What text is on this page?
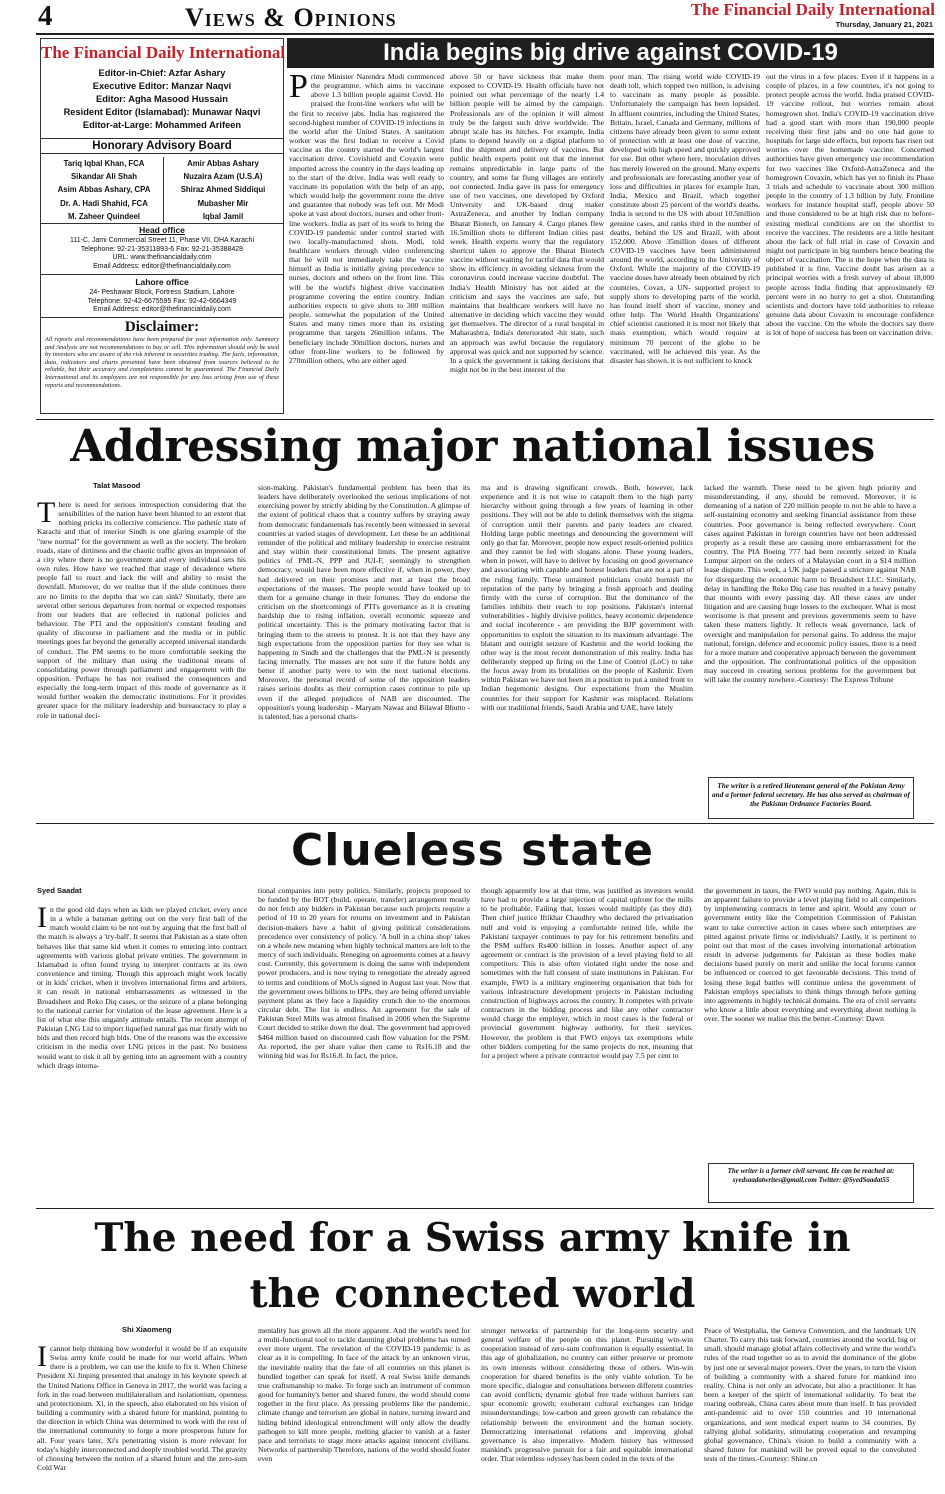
4	Views & Opinions	The Financial Daily International
Thursday, January 21, 2021
The Financial Daily International
Editor-in-Chief: Azfar Ashary
Executive Editor: Manzar Naqvi
Editor: Agha Masood Hussain
Resident Editor (Islamabad): Munawar Naqvi
Editor-at-Large: Mohammed Arifeen
Honorary Advisory Board
Tariq Iqbal Khan, FCA
Sikandar Ali Shah
Asim Abbas Ashary, CPA
Dr. A. Hadi Shahid, FCA
M. Zaheer Quindeel
Amir Abbas Ashary
Nuzaira Azam (U.S.A)
Shiraz Ahmed Siddiqui
Mubasher Mir
Iqbal Jamil
Head office
111-C, Jami Commercial Street 11, Phase VII, DHA Karachi
Telephone: 92-21-35311893-6 Fax: 92-21-35388428
URL: www.thefinancialdaily.com
Email Address: editor@thefinancialdaily.com
Lahore office
24- Peshawar Block, Fortress Stadium, Lahore
Telephone: 92-42-6675595 Fax: 92-42-6664349
Email Address: editor@thefinancialdaily.com
Disclaimer:
All reports and recommendations have been prepared for your information only. Summary and Analysis are not recommendations to buy or sell. This information should only be used by investors who are aware of the risk inherent in securities trading. The facts, information, data, indicators and charts presented have been obtained from sources believed to be reliable, but their accuracy and completeness cannot be guaranteed. The Financial Daily International and its employees are not responsible for any loss arising from use of these reports and recommendations.
India begins big drive against COVID-19
Prime Minister Narendra Modi commenced the programme, which aims to vaccinate above 1.3 billion people against Covid. He praised the front-line workers who will be the first to receive jabs. India has registered the second-highest number of COVID-19 infections in the world after the United States. A sanitation worker was the first Indian to receive a Covid vaccine as the country started the world's largest vaccination drive. Covishield and Covaxin were imported across the country in the days leading up to the start of the drive. India was well ready to vaccinate its population with the help of an app, which would help the government route the drive and guarantee that nobody was left out. Mr Modi spoke at vast about doctors, nurses and other front-line workers. India as part of its work to bring the COVID-19 pandemic under control started with two locally-manufactured shots. Modi, told healthcare workers through video conferencing that he will not immediately take the vaccine himself as India is initially giving precedence to nurses, doctors and others on the front line. This will be the world's highest drive vaccination programme covering the entire country. Indian authorities expects to give shots to 300 million people, somewhat the population of the United States and many times more than its existing programme that targets 26million infants. The beneficiary include 30million doctors, nurses and other front-line workers to be followed by 270million others, who are either aged
above 50 or have sickness that make them exposed to COVID-19. Health officials have not pointed out what percentage of the nearly 1.4 billion people will be aimed by the campaign. Professionals are of the opinion it will almost truly be the largest such drive worldwide. The abrupt scale has its hitches. For example, India plans to depend heavily on a digital platform to find the shipment and delivery of vaccines. But public health experts point out that the internet remains unpredictable in large parts of the country, and some far flung villages are entirely not connected. India gave its pass for emergency use of two vaccines, one developed by Oxford University and UK-based drug maker AstraZeneca, and another by Indian company Bharat Biotech, on January 4. Cargo planes flew 16.5million shots to different Indian cities past week. Health experts worry that the regulatory shortcut taken to approve the Bharat Biotech vaccine without waiting for tactful data that would show its efficiency in avoiding sickness from the coronavirus could increase vaccine doubtful. The India's Health Ministry has not aided at the criticism and says the vaccines are safe, but maintains that healthcare workers will have no alternative in deciding which vaccine they would get themselves. The director of a rural hospital in Maharashtra, India's deteriorated -hit state, such an approach was awful because the regulatory approval was quick and not supported by science. In a quick the government is taking decisions that might not be in the best interest of the
poor man. The rising world wide COVID-19 death toll, which topped two million, is advising to vaccinate as many people as possible. Unfortunately the campaign has been lopsided. In affluent countries, including the United States, Britain, Israel, Canada and Germany, millions of citizens have already been given to some extent of protection with at least one dose of vaccine, developed with high speed and quickly approved for use. But other where here, inoculation drives has merely lowered on the ground. Many experts and professionals are forecasting another year of loss and difficulties in places for example Iran, India, Mexico and Brazil, which together constitute about 25 percent of the world's deaths. India is second to the US with about 10.5million genuine cases, and ranks third in the number of deaths, behind the US and Brazil, with about 152,000. Above 35million doses of different COVID-19 vaccines have been administered around the world, according to the University of Oxford. While the majority of the COVID-19 vaccine doses have already been obtained by rich countries, Covax, a UN- supported project to supply shots to developing parts of the world, has found itself short of vaccine, money and other help. The World Health Organizations' chief scientist cautioned it is most not likely that mass exemption, which would require at minimum 70 percent of the globe to be vaccinated, will be achieved this year. As the disaster has shown, it is not sufficient to knock
out the virus in a few places. Even if it happens in a couple of places, in a few countries, it's not going to protect people across the world. India praised COVID-19 vaccine rollout, but worries remain about homegrown shot. India's COVID-19 vaccination drive had a good start with more than 190,000 people receiving their first jabs and no one had gone to hospitals for large side effects, but reports has risen out worries over the homemade vaccine. Concerned authorities have given emergency use recommendation for two vaccines like Oxford-AstraZeneca and the homegrown Covaxin, which has yet to finish its Phase 3 trials and schedule to vaccinate about 300 million people in the country of 1.3 billion by July. Frontline workers for instance hospital staff, people above 50 and those considered to be at high risk due to before-existing medical conditions are on the shortlist to receive the vaccines. The residents are a little hesitant about the lack of full trial in case of Covaxin and might not participate in big numbers hence beating the object of vaccination. The is the hope when the data is published it is fine. Vaccine doubt has arisen as a principal worries with a fresh survey of about 18,000 people across India finding that approximately 69 percent were in no hurry to get a shot. Outstanding scientists and doctors have told authorities to release genuine data about Covaxin to encourage confidence about the vaccine. On the whole the doctors say there is lot of hope of success has been on vaccination drive.
Addressing major national issues
Talat Masood
There is need for serious introspection considering that the sensibilities of the nation have been blunted to an extent that nothing pricks its collective conscience. The pathetic state of Karachi and that of interior Sindh is one glaring example of the "new normal" for the government as well as the society. The broken roads, state of dirtiness and the chaotic traffic gives an impression of a city where there is no government and every individual sets his own rules. How have we reached that stage of decadence where people fail to react and lack the will and ability to resist the downfall. Moreover, do we realise that if the slide continues there are no limits to the depths that we can sink? Similarly, there are several other serious departures from normal or expected responses from our leaders that are reflected in national policies and behaviour. The PTI and the opposition's constant feuding and quality of discourse in parliament and the media or in public meetings goes far beyond the generally accepted universal standards of conduct. The PM seems to be more comfortable seeking the support of the military than using the traditional means of consolidating power through parliament and engagement with the opposition. Perhaps he has not realised the consequences and especially the long-term impact of this mode of governance as it would further weaken the democratic institutions. For it provides greater space for the military leadership and bureaucracy to play a role in national deci-
sion-making. Pakistan's fundamental problem has been that its leaders have deliberately overlooked the serious implications of not exercising power by strictly abiding by the Constitution. A glimpse of the extent of political chaos that a country suffers by straying away from democratic fundamentals has recently been witnessed in several countries at varied stages of development. Let these be an additional reminder of the political and military leadership to exercise restraint and stay within their constitutional limits. The present agitative politics of PML-N, PPP and JUI-F, seemingly to strengthen democracy, would have been more effective if, when in power, they had delivered on their promises and met at least the broad expectations of the masses. The people would have looked up to them for a genuine change in their fortunes. They do endorse the criticism on the shortcomings of PTI's governance as it is creating hardship due to rising inflation, overall economic squeeze and political uncertainty. This is the primary motivating factor that is bringing them to the streets to protest. It is not that they have any high expectations from the opposition parties for they see what is happening in Sindh and the challenges that the PML-N is presently facing internally. The masses are not sure if the future holds any better if another party were to win the next national elections. Moreover, the personal record of some of the opposition leaders raises serious doubts as their corruption cases continue to pile up even if the alleged prejudices of NAB are discounted. The opposition's young leadership - Maryam Nawaz and Bilawal Bhutto - is talented, has a personal charis-
ma and is drawing significant crowds. Both, however, lack experience and it is not wise to catapult them to the high party hierarchy without going through a few years of learning in other positions. They will not be able to delink themselves with the stigma of corruption until their parents and party leaders are cleared. Holding large public meetings and denouncing the government will only go that far. Moreover, people now expect result-oriented politics and they cannot be fed with slogans alone. These young leaders, when in power, will have to deliver by focusing on good governance and associating with capable and honest leaders that are not a part of the ruling family. These untainted politicians could burnish the reputation of the party by bringing a fresh approach and dealing firmly with the curse of corruption. But the dominance of the families inhibits their reach to top positions. Pakistan's internal vulnerabilities - highly divisive politics, heavy economic dependence and social incoherence - are providing the BJP government with opportunities to exploit the situation to its maximum advantage. The blatant and outright seizure of Kashmir and the world looking the other way is the most recent demonstration of this reality. India has deliberately stepped up firing on the Line of Control (LoC) to take the focus away from its brutalities on the people of Kashmir. Even within Pakistan we have not been in a position to put a united front to Indian hegemonic designs. Our expectations from the Muslim countries for their support for Kashmir was misplaced. Relations with our traditional friends, Saudi Arabia and UAE, have lately
lacked the warmth. These need to be given high priority and misunderstanding, if any, should be removed. Moreover, it is demeaning of a nation of 220 million people to not be able to have a self-sustaining economy and seeking financial assistance from these countries. Poor governance is being reflected everywhere. Court cases against Pakistan in foreign countries have not been addressed properly as a result these are causing more embarrassment for the country. The PIA Boeing 777 had been recently seized in Kuala Lumpur airport on the orders of a Malaysian court in a $14 million lease dispute. This week, a UK judge passed a stricture against NAB for disregarding the economic harm to Broadsheet LLC. Similarly, delay in handling the Reko Diq case has resulted in a heavy penalty that mounts with every passing day. All these cases are under litigation and are causing huge losses to the exchequer. What is most worrisome is that present and previous governments seem to have taken these matters lightly. It reflects weak governance, lack of oversight and manipulation for personal gains. To address the major national, foreign, defence and economic policy issues, there is a need for a more mature and cooperative approach between the government and the opposition. The confrontational politics of the opposition may succeed in creating serious problems for the government but will take the country nowhere.-Courtesy: The Express Tribune
The writer is a retired lieutenant general of the Pakistan Army and a former federal secretary. He has also served as chairman of the Pakistan Ordnance Factories Board.
Clueless state
Syed Saadat
In the good old days when as kids we played cricket, every once in a while a batsman getting out on the very first ball of the match would claim to be not out by arguing that the first ball of the match is always a 'try-ball'. It seems that Pakistan as a state often behaves like that same kid when it comes to entering into contract agreements with various global private entities. The government in Islamabad is often found trying to interpret contracts at its own convenience and timing. Though this approach might work locally or in kids' cricket, when it involves international firms and arbiters, it can result in national embarrassments as witnessed in the Broadsheet and Reko Diq cases, or the seizure of a plane belonging to the national carrier for violation of the lease agreement. Here is a list of what else this ungainly attitude entails. The recent attempt of Pakistan LNG Ltd to import liquefied natural gas mar firstly with no bids and then record high bids. One of the reasons was the excessive criticism in the media over LNG prices in the past. No business would want to risk it all by getting into an agreement with a country which drags interna-
tional companies into petty politics. Similarly, projects proposed to be funded by the BOT (build, operate, transfer) arrangement mostly do not fetch any bidders in Pakistan because such projects require a period of 10 to 20 years for returns on investment and in Pakistan decision-makers have a habit of giving political considerations precedence over consistency of policy. 'A bull in a china shop' takes on a whole new meaning when highly technical matters are left to the mercy of such individuals. Reneging on agreements comes at a heavy cost. Currently, this government is doing the same with independent power producers, and is now trying to renegotiate the already agreed to terms and conditions of MoUs signed in August last year. Now that the government owes billions to IPPs, they are being offered unviable payment plans as they face a liquidity crunch due to the enormous circular debt. The list is endless. An agreement for the sale of Pakistan Steel Mills was almost finalised in 2006 when the Supreme Court decided to strike down the deal. The government had approved $464 million based on discounted cash flow valuation for the PSM. As reported, the per share value then came to Rs16.18 and the winning bid was for Rs16.8. In fact, the price,
though apparently low at that time, was justified as investors would have had to provide a large injection of capital upfront for the mills to be profitable. Failing that, losses would multiply (as they did). Then chief justice Iftikhar Chaudhry who declared the privatisation null and void is enjoying a comfortable retired life, while the Pakistani taxpayer continues to pay for his retirement benefits and the PSM suffers Rs400 billion in losses. Another aspect of any agreement or contract is the provision of a level playing field to all competitors. This is also often violated right under the nose and sometimes with the full consent of state institutions in Pakistan. For example, FWO is a military engineering organisation that bids for various infrastructure development projects in Pakistan including construction of highways across the country. It competes with private contractors in the bidding process and like any other contractor would charge the employer, which in most cases is the federal or provincial government highway authority, for their services. However, the problem is that FWO enjoys tax exemptions while other bidders competing for the same projects do not, meaning that for a project where a private contractor would pay 7.5 per cent to
the government in taxes, the FWO would pay nothing. Again, this is an apparent failure to provide a level playing field to all competitors by implementing contracts in letter and spirit. Would any court or government entity like the Competition Commission of Pakistan want to take corrective action in cases where such enterprises are pitted against private firms or individuals? Lastly, it is pertinent to point out that most of the cases involving international arbitration result in adverse judgements for Pakistan as these bodies make decisions based purely on merit and unlike the local forums cannot be influenced or coerced to get favourable decisions. This trend of losing these legal battles will continue unless the government of Pakistan employs specialists to think things through before getting into agreements in highly technical domains. The era of civil servants who know a little about everything and everything about nothing is over. The sooner we realise this the better.-Courtesy: Dawn
The writer is a former civil servant. He can be reached at: syedsaadatwrites@gmail.com Twitter: @SyedSaadat55
The need for a Swiss army knife in
the connected world
Shi Xiaomeng
I cannot help thinking how wonderful it would be if an exquisite Swiss army knife could be made for our world affairs. When there is a problem, we can use the knife to fix it. When Chinese President Xi Jinping presented that analogy in his keynote speech at the United Nations Office in Geneva in 2017, the world was facing a fork in the road between multilateralism and isolationism, openness and protectionism. Xi, in the speech, also elaborated on his vision of building a community with a shared future for mankind, pointing to the direction in which China was determined to work with the rest of the international community to forge a more prosperous future for all. Four years later, Xi's penetrating vision is more relevant for today's highly interconnected and deeply troubled world. The gravity of choosing between the notion of a shared future and the zero-sum Cold War
mentality has grown all the more apparent. And the world's need for a multi-functional tool to tackle daunting global problems has turned ever more urgent. The revelation of the COVID-19 pandemic is as clear as it is compelling. In face of the attack by an unknown virus, the inevitable reality that the fate of all countries on this planet is bundled together can speak for itself. A real Swiss knife demands true craftsmanship to make. To forge such an instrument of common good for humanity's better and shared future, the world should come together in the first place. As pressing problems like the pandemic, climate change and terrorism are global in nature, turning inward and hiding behind ideological entrenchment will only allow the deadly pathogen to kill more people, melting glacier to vanish at a faster pace and terrorists to stage more attacks against innocent civilians. Networks of partnership Therefore, nations of the world should foster even
stronger networks of partnership for the long-term security and general welfare of the people on this planet. Pursuing win-win cooperation instead of zero-sum confrontation is equally essential. In this age of globalization, no country can either preserve or promote its own interests without considering those of others. Win-win cooperation for shared benefits is the only viable solution. To be more specific, dialogue and consultations between different countries can avoid conflicts; dynamic global free trade without barriers can spur economic growth; exuberant cultural exchanges can bridge misunderstandings; low-carbon and green growth can rebalance the relationship between the environment and the human society. Democratizing international relations and improving global governance is also imperative. Modern history has witnessed mankind's progressive pursuit for a fair and equitable international order. That relentless odyssey has been coded in the texts of the
Peace of Westphalia, the Geneva Convention, and the landmark UN Charter. To carry this task forward, countries around the world, big or small, should manage global affairs collectively and write the world's rules of the road together so as to avoid the dominance of the globe by just one or several major powers. Over the years, to turn the vision of building a community with a shared future for mankind into reality, China is not only an advocate, but also a practitioner. It has been a keeper of the spirit of international solidarity. To beat the roaring outbreak, China cares about more than itself. It has provided anti-pandemic aid to over 150 countries and 10 international organizations, and sent medical expert teams to 34 countries. By rallying global solidarity, stimulating cooperation and revamping global governance, China's vision to build a community with a shared future for mankind will be proved equal to the convoluted tests of the times.-Courtesy: Shine.cn
